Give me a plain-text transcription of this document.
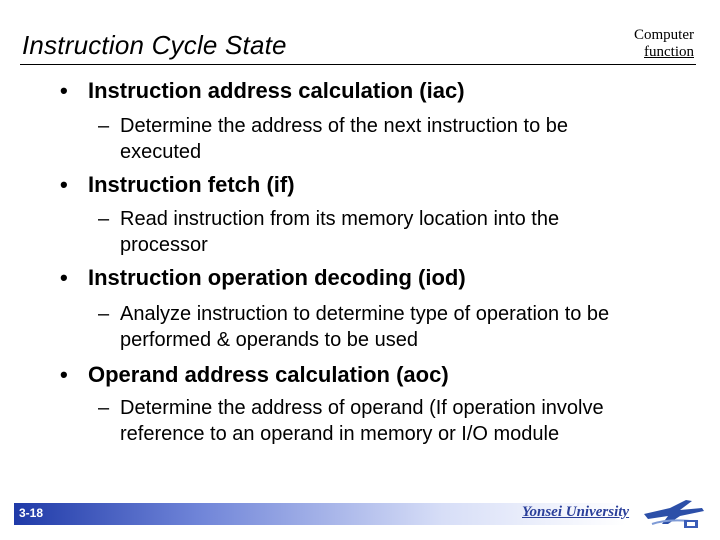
Instruction Cycle State	Computer
function
• Instruction address calculation (iac)
– Determine the address of the next instruction to be executed
• Instruction fetch (if)
– Read instruction from its memory location into the processor
• Instruction operation decoding (iod)
– Analyze instruction to determine type of operation to be performed & operands to be used
• Operand address calculation (aoc)
– Determine the address of operand (If operation involve reference to an operand in memory or I/O module
3-18	Yonsei University
